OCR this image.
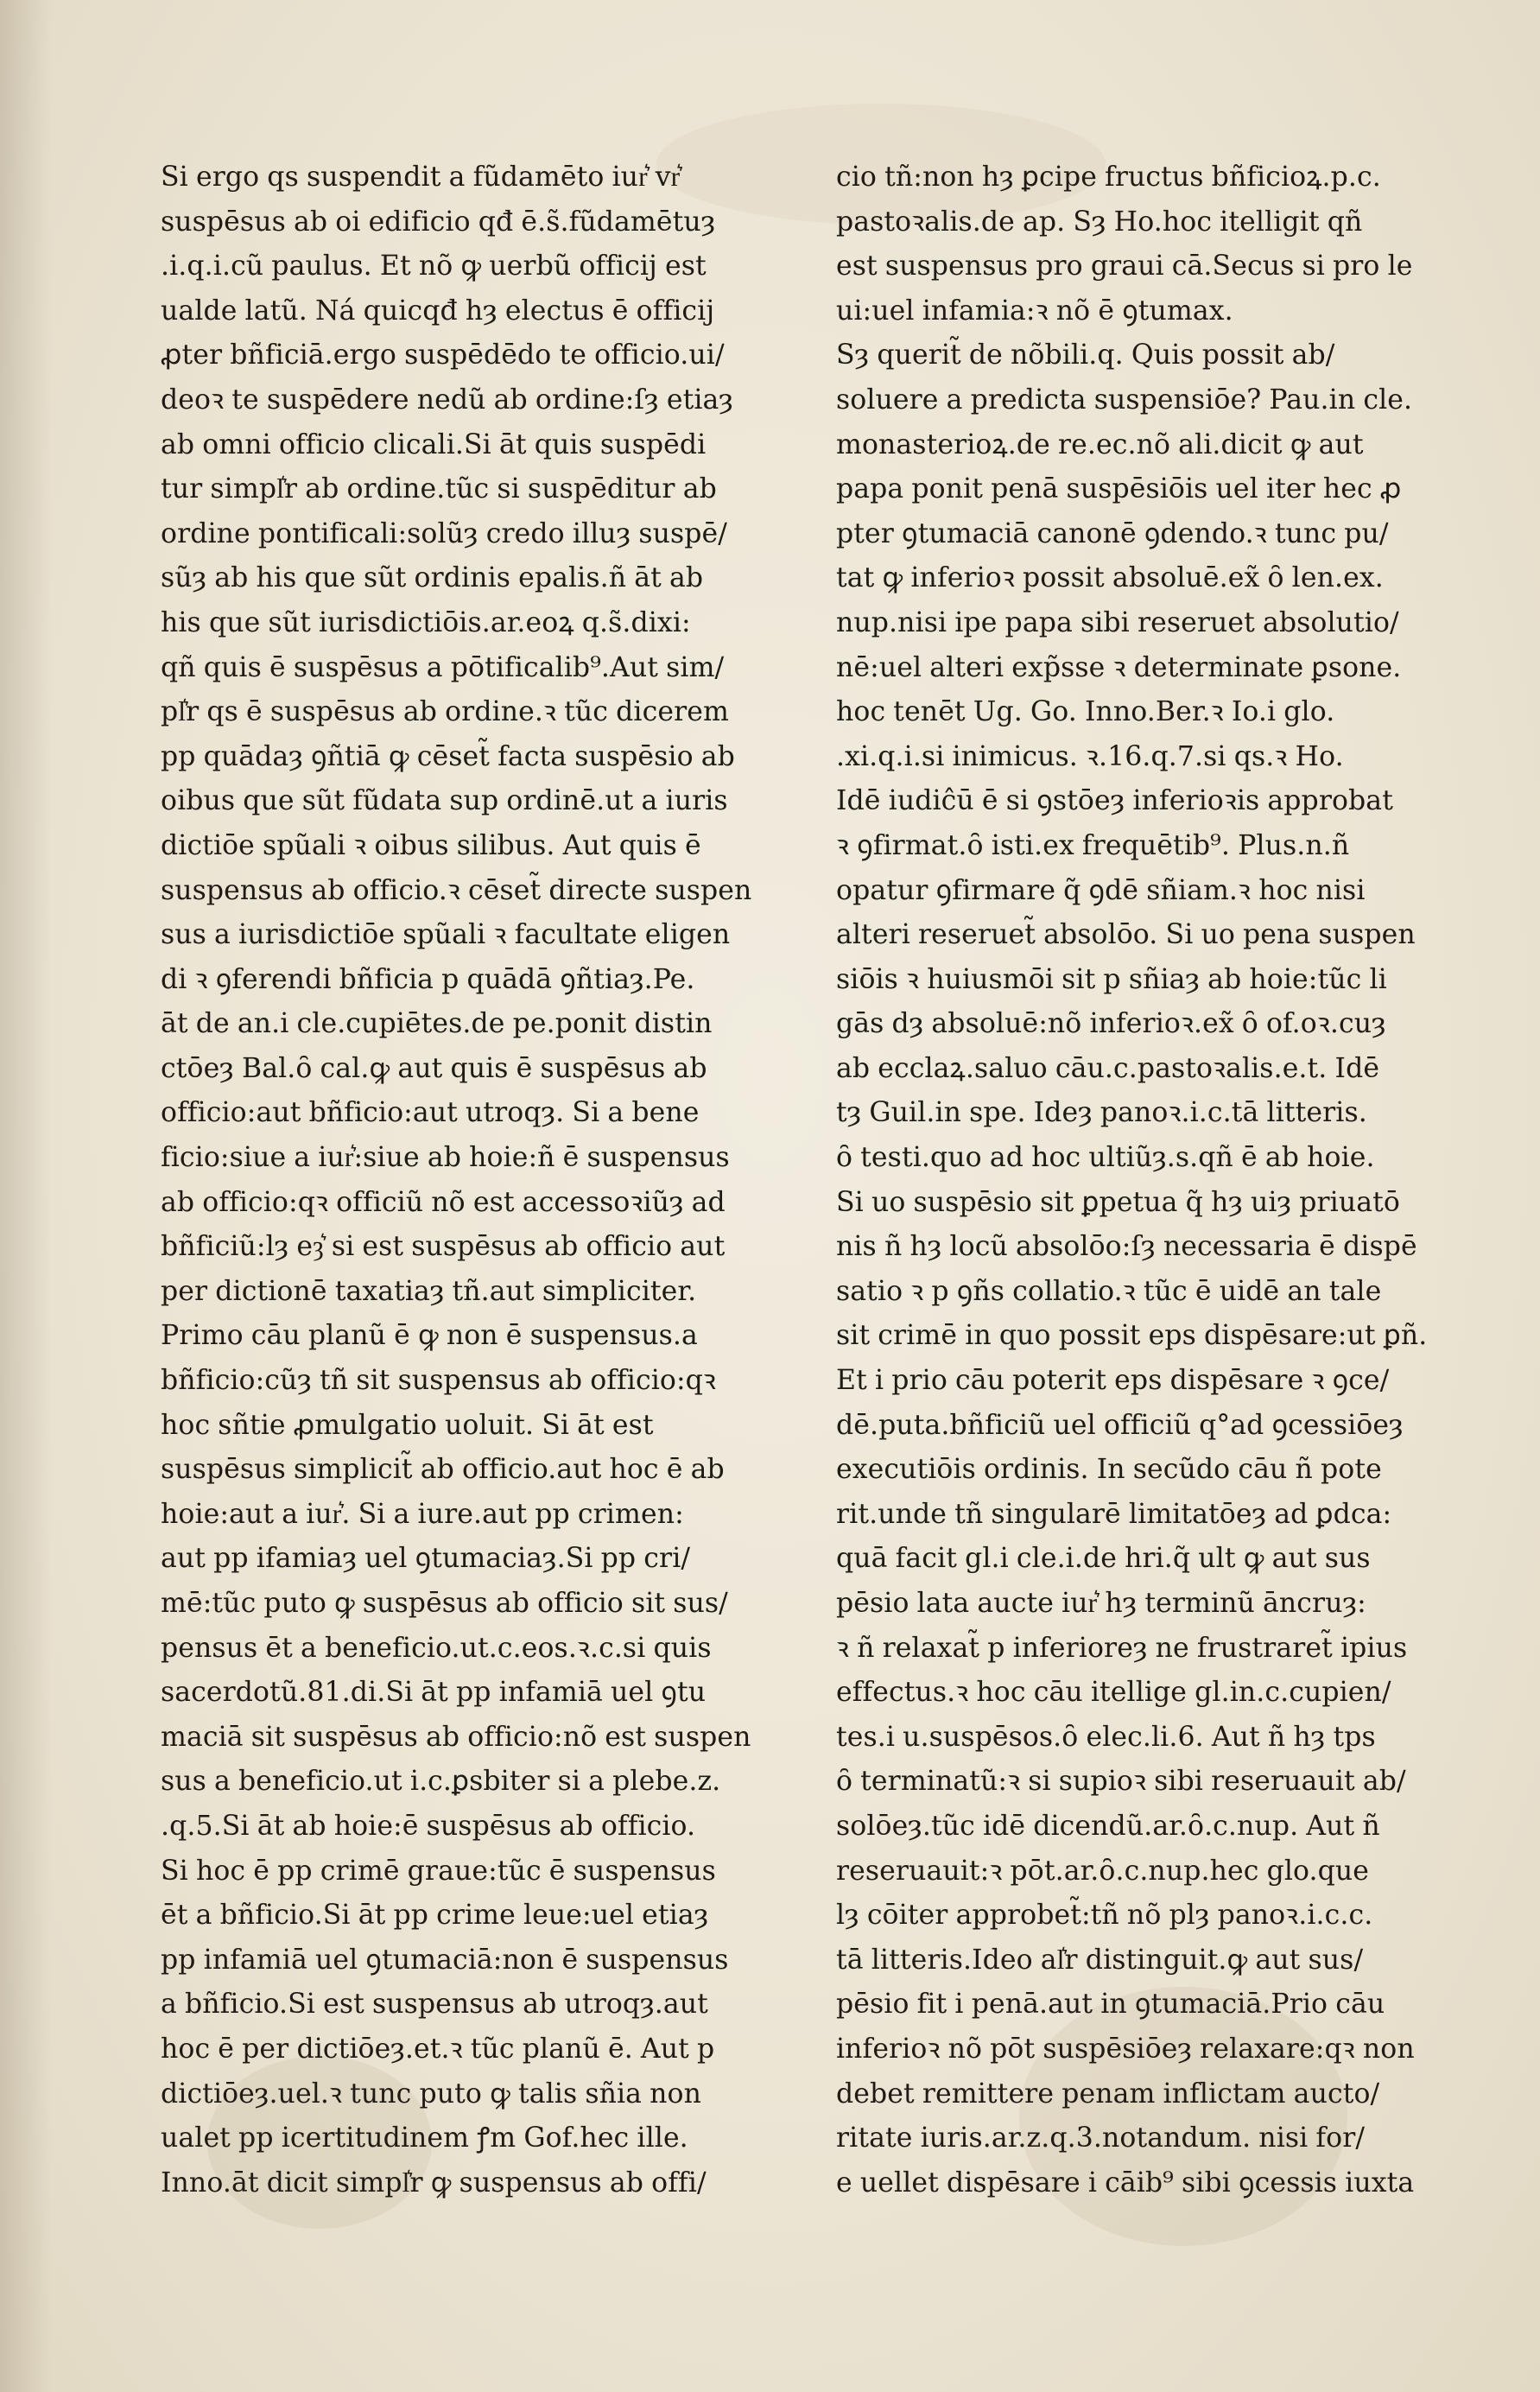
Si ergo qs suspendit a fũdamēto iur͛ vr͛
suspēsus ab oi edificio qđ ē.s̃.fũdamētuȝ
.i.q.i.cũ paulus. Et nõ ꝙ uerbũ officij est
ualde latũ. Ná quicqđ hȝ electus ē officij
ꝓter bñficiā.ergo suspēdēdo te officio.ui/
deoꝛ te suspēdere nedũ ab ordine:ſȝ etiaȝ
ab omni officio clicali.Si āt quis suspēdi
tur simpl͛r ab ordine.tũc si suspēditur ab
ordine pontificali:solũȝ credo illuȝ suspē/
sũȝ ab his que sũt ordinis epalis.ñ āt ab
his que sũt iurisdictiōis.ar.eoꝝ q.s̃.dixi:
qñ quis ē suspēsus a pōtificalib⁹.Aut sim/
pl͛r qs ē suspēsus ab ordine.ꝛ tũc dicerem
pp quādaȝ ꝯñtiā ꝙ cēset̃ facta suspēsio ab
oibus que sũt fũdata sup ordinē.ut a iuris
dictiōe spũali ꝛ oibus silibus. Aut quis ē
suspensus ab officio.ꝛ cēset̃ directe suspen
sus a iurisdictiōe spũali ꝛ facultate eligen
di ꝛ ꝯferendi bñficia p quādā ꝯñtiaȝ.Pe.
āt de an.i cle.cupiētes.de pe.ponit distin
ctōeȝ Bal.ȏ cal.ꝙ aut quis ē suspēsus ab
officio:aut bñficio:aut utroqȝ. Si a bene
ficio:siue a iur͛:siue ab hoie:ñ ē suspensus
ab officio:qꝛ officiũ nõ est accessoꝛiũȝ ad
bñficiũ:lȝ eȝ͛ si est suspēsus ab officio aut
per dictionē taxatiaȝ tñ.aut simpliciter.
Primo cāu planũ ē ꝙ non ē suspensus.a
bñficio:cũȝ tñ sit suspensus ab officio:qꝛ
hoc sñtie ꝓmulgatio uoluit. Si āt est
suspēsus simplicit̃ ab officio.aut hoc ē ab
hoie:aut a iur͛. Si a iure.aut pp crimen:
aut pp ifamiaȝ uel ꝯtumaciaȝ.Si pp cri/
mē:tũc puto ꝙ suspēsus ab officio sit sus/
pensus ēt a beneficio.ut.c.eos.ꝛ.c.si quis
sacerdotũ.81.di.Si āt pp infamiā uel ꝯtu
maciā sit suspēsus ab officio:nõ est suspen
sus a beneficio.ut i.c.ꝑsbiter si a plebe.z.
.q.5.Si āt ab hoie:ē suspēsus ab officio.
Si hoc ē pp crimē graue:tũc ē suspensus
ēt a bñficio.Si āt pp crime leue:uel etiaȝ
pp infamiā uel ꝯtumaciā:non ē suspensus
a bñficio.Si est suspensus ab utroqȝ.aut
hoc ē per dictiōeȝ.et.ꝛ tũc planũ ē. Aut p
dictiōeȝ.uel.ꝛ tunc puto ꝙ talis sñia non
ualet pp icertitudinem ꝭm Gof.hec ille.
Inno.āt dicit simpl͛r ꝙ suspensus ab offi/
cio tñ:non hȝ ꝑcipe fructus bñficioꝝ.p.c.
pastoꝛalis.de ap. Sȝ Ho.hoc itelligit qñ
est suspensus pro graui cā.Secus si pro le
ui:uel infamia:ꝛ nõ ē ꝯtumax.
Sȝ querit̃ de nõbili.q. Quis possit ab/
soluere a predicta suspensiōe? Pau.in cle.
monasterioꝝ.de re.ec.nõ ali.dicit ꝙ aut
papa ponit penā suspēsiōis uel iter hec ꝓ
pter ꝯtumaciā canonē ꝯdendo.ꝛ tunc pu/
tat ꝙ inferioꝛ possit absoluē.ex̃ ȏ len.ex.
nup.nisi ipe papa sibi reseruet absolutio/
nē:uel alteri exp̃sse ꝛ determinate ꝑsone.
hoc tenēt Ug. Go. Inno.Ber.ꝛ Io.i glo.
.xi.q.i.si inimicus. ꝛ.16.q.7.si qs.ꝛ Ho.
Idē iudiĉū ē si ꝯstōeȝ inferioꝛis approbat
ꝛ ꝯfirmat.ȏ isti.ex frequētib⁹. Plus.n.ñ
opatur ꝯfirmare q̃ ꝯdē sñiam.ꝛ hoc nisi
alteri reseruet̃ absolōo. Si uo pena suspen
siōis ꝛ huiusmōi sit p sñiaȝ ab hoie:tũc li
gās dȝ absoluē:nõ inferioꝛ.ex̃ ȏ of.oꝛ.cuȝ
ab ecclaꝝ.saluo cāu.c.pastoꝛalis.e.t. Idē
tȝ Guil.in spe. Ideȝ panoꝛ.i.c.tā litteris.
ȏ testi.quo ad hoc ultiũȝ.s.qñ ē ab hoie.
Si uo suspēsio sit ꝑpetua q̃ hȝ uiȝ priuatō
nis ñ hȝ locũ absolōo:ſȝ necessaria ē dispē
satio ꝛ p ꝯñs collatio.ꝛ tũc ē uidē an tale
sit crimē in quo possit eps dispēsare:ut ꝑñ.
Et i prio cāu poterit eps dispēsare ꝛ ꝯce/
dē.puta.bñficiũ uel officiũ q°ad ꝯcessiōeȝ
executiōis ordinis. In secũdo cāu ñ pote
rit.unde tñ singularē limitatōeȝ ad ꝑdca:
quā facit gl.i cle.i.de hri.q̃ ult ꝙ aut sus
pēsio lata aucte iur͛ hȝ terminũ āncruȝ:
ꝛ ñ relaxat̃ p inferioreȝ ne frustraret̃ ipius
effectus.ꝛ hoc cāu itellige gl.in.c.cupien/
tes.i u.suspēsos.ȏ elec.li.6. Aut ñ hȝ tps
ȏ terminatũ:ꝛ si supioꝛ sibi reseruauit ab/
solōeȝ.tũc idē dicendũ.ar.ȏ.c.nup. Aut ñ
reseruauit:ꝛ pōt.ar.ȏ.c.nup.hec glo.que
lȝ cōiter approbet̃:tñ nõ plȝ panoꝛ.i.c.c.
tā litteris.Ideo al͛r distinguit.ꝙ aut sus/
pēsio fit i penā.aut in ꝯtumaciā.Prio cāu
inferioꝛ nõ pōt suspēsiōeȝ relaxare:qꝛ non
debet remittere penam inflictam aucto/
ritate iuris.ar.z.q.3.notandum. nisi for/
e uellet dispēsare i cāib⁹ sibi ꝯcessis iuxta
